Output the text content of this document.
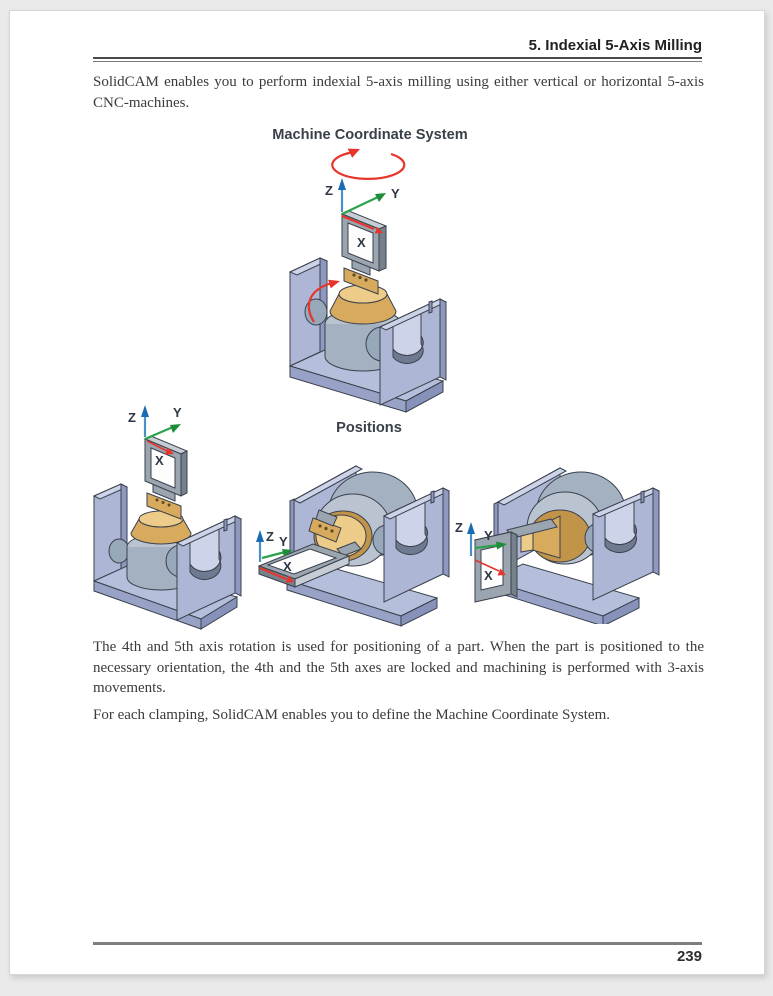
5. Indexial 5-Axis Milling

SolidCAM enables you to perform indexial 5-axis milling using either vertical or horizontal 5-axis CNC-machines.

Machine Coordinate System
Z	Y
X
Positions
Z	Y
X
Z Y
X
Z
Y
X

The 4th and 5th axis rotation is used for positioning of a part. When the part is positioned to the necessary orientation, the 4th and the 5th axes are locked and machining is performed with 3-axis movements.

For each clamping, SolidCAM enables you to define the Machine Coordinate System.

239
